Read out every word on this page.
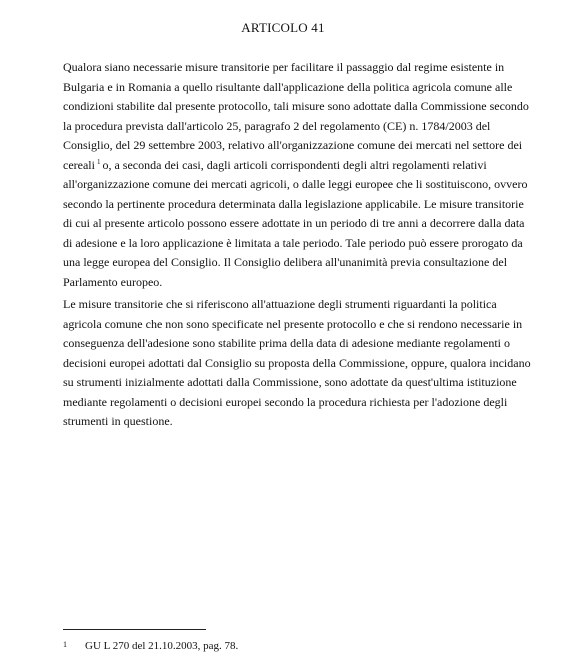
ARTICOLO 41

Qualora siano necessarie misure transitorie per facilitare il passaggio dal regime esistente in Bulgaria e in Romania a quello risultante dall'applicazione della politica agricola comune alle condizioni stabilite dal presente protocollo, tali misure sono adottate dalla Commissione secondo la procedura prevista dall'articolo 25, paragrafo 2 del regolamento (CE) n. 1784/2003 del Consiglio, del 29 settembre 2003, relativo all'organizzazione comune dei mercati nel settore dei cereali $^1$ o, a seconda dei casi, dagli articoli corrispondenti degli altri regolamenti relativi all'organizzazione comune dei mercati agricoli, o dalle leggi europee che li sostituiscono, ovvero secondo la pertinente procedura determinata dalla legislazione applicabile. Le misure transitorie di cui al presente articolo possono essere adottate in un periodo di tre anni a decorrere dalla data di adesione e la loro applicazione è limitata a tale periodo. Tale periodo può essere prorogato da una legge europea del Consiglio. Il Consiglio delibera all'unanimità previa consultazione del Parlamento europeo.

Le misure transitorie che si riferiscono all'attuazione degli strumenti riguardanti la politica agricola comune che non sono specificate nel presente protocollo e che si rendono necessarie in conseguenza dell'adesione sono stabilite prima della data di adesione mediante regolamenti o decisioni europei adottati dal Consiglio su proposta della Commissione, oppure, qualora incidano su strumenti inizialmente adottati dalla Commissione, sono adottate da quest'ultima istituzione mediante regolamenti o decisioni europei secondo la procedura richiesta per l'adozione degli strumenti in questione.

1 GU L 270 del 21.10.2003, pag. 78.
